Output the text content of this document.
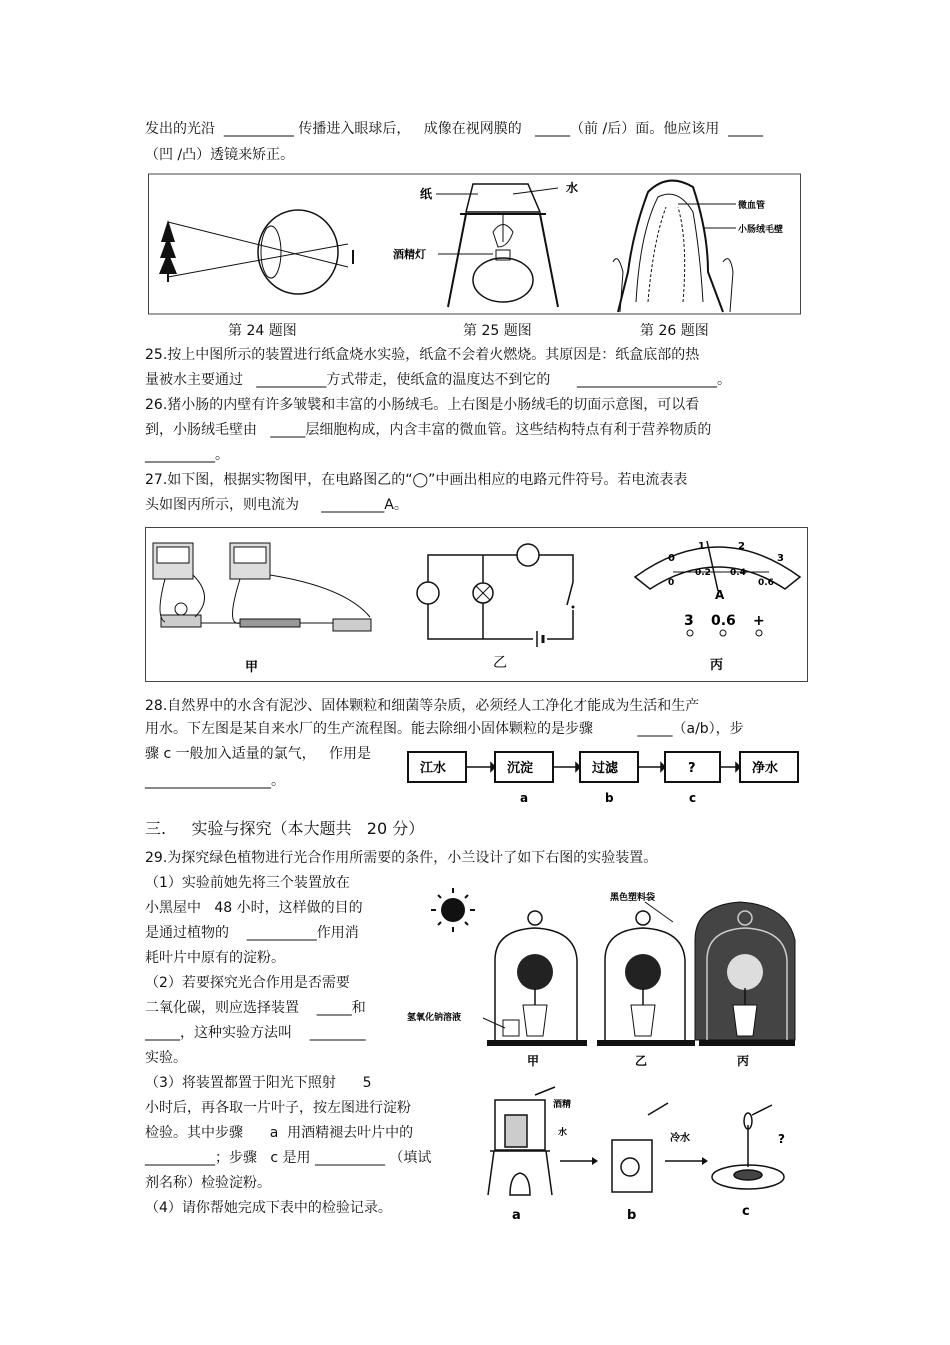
发出的光沿  __________ 传播进入眼球后，   成像在视网膜的   _____（前 /后）面。他应该用  _____
（凹 /凸）透镜来矫正。
纸	水
酒精灯
微血管
小肠绒毛壁
第 24 题图	第 25 题图	第 26 题图
25.按上中图所示的装置进行纸盒烧水实验，纸盒不会着火燃烧。其原因是：纸盒底部的热
量被水主要通过   __________方式带走，使纸盒的温度达不到它的      ____________________。
26.猪小肠的内壁有许多皱襞和丰富的小肠绒毛。上右图是小肠绒毛的切面示意图，可以看
到，小肠绒毛壁由   _____层细胞构成，内含丰富的微血管。这些结构特点有利于营养物质的
__________。
27.如下图，根据实物图甲，在电路图乙的“◯”中画出相应的电路元件符号。若电流表表
头如图丙所示，则电流为     _________A。
甲	乙
0
1	2
3
0
0.2 0.4
0.6
A
3 0.6 +
丙
28.自然界中的水含有泥沙、固体颗粒和细菌等杂质，必须经人工净化才能成为生活和生产
用水。下左图是某自来水厂的生产流程图。能去除细小固体颗粒的是步骤          _____（a/b），步
骤 c 一般加入适量的氯气，   作用是
__________________。
江水	沉淀	过滤	?	净水
a	b	c
三.     实验与探究（本大题共   20 分）
29.为探究绿色植物进行光合作用所需要的条件，小兰设计了如下右图的实验装置。
（1）实验前她先将三个装置放在
小黑屋中   48 小时，这样做的目的
是通过植物的    __________作用消
耗叶片中原有的淀粉。
（2）若要探究光合作用是否需要
二氧化碳，则应选择装置    _____和
_____，这种实验方法叫    ________
实验。
（3）将装置都置于阳光下照射      5
小时后，再各取一片叶子，按左图进行淀粉
检验。其中步骤      a  用酒精褪去叶片中的
__________；步骤   c 是用 __________ （填试
剂名称）检验淀粉。
（4）请你帮她完成下表中的检验记录。
黑色塑料袋
氢氧化钠溶液
甲	乙	丙
酒精
水	冷水	?
a	b	c
